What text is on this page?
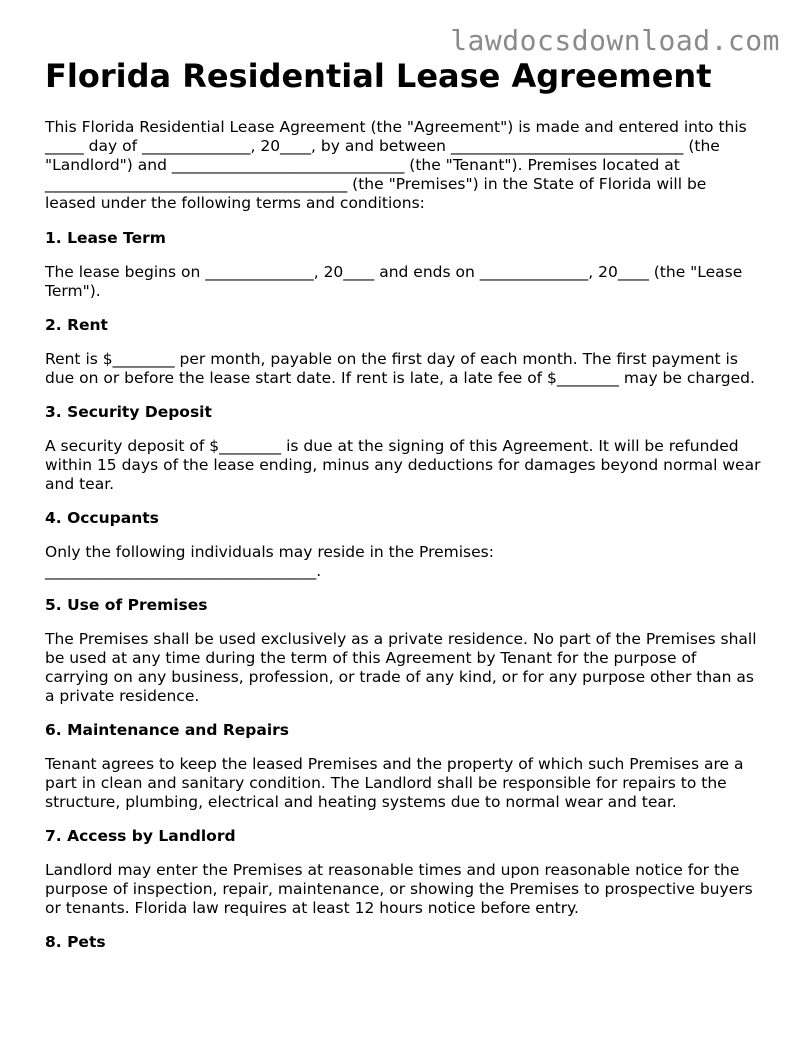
lawdocsdownload.com
Florida Residential Lease Agreement

This Florida Residential Lease Agreement (the "Agreement") is made and entered into this _____ day of ______________, 20____, by and between ______________________________ (the "Landlord") and ______________________________ (the "Tenant"). Premises located at _______________________________________ (the "Premises") in the State of Florida will be leased under the following terms and conditions:

1. Lease Term

The lease begins on ______________, 20____ and ends on ______________, 20____ (the "Lease Term").

2. Rent

Rent is $________ per month, payable on the first day of each month. The first payment is due on or before the lease start date. If rent is late, a late fee of $________ may be charged.

3. Security Deposit

A security deposit of $________ is due at the signing of this Agreement. It will be refunded within 15 days of the lease ending, minus any deductions for damages beyond normal wear and tear.

4. Occupants

Only the following individuals may reside in the Premises: ___________________________________.

5. Use of Premises

The Premises shall be used exclusively as a private residence. No part of the Premises shall be used at any time during the term of this Agreement by Tenant for the purpose of carrying on any business, profession, or trade of any kind, or for any purpose other than as a private residence.

6. Maintenance and Repairs

Tenant agrees to keep the leased Premises and the property of which such Premises are a part in clean and sanitary condition. The Landlord shall be responsible for repairs to the structure, plumbing, electrical and heating systems due to normal wear and tear.

7. Access by Landlord

Landlord may enter the Premises at reasonable times and upon reasonable notice for the purpose of inspection, repair, maintenance, or showing the Premises to prospective buyers or tenants. Florida law requires at least 12 hours notice before entry.

8. Pets
